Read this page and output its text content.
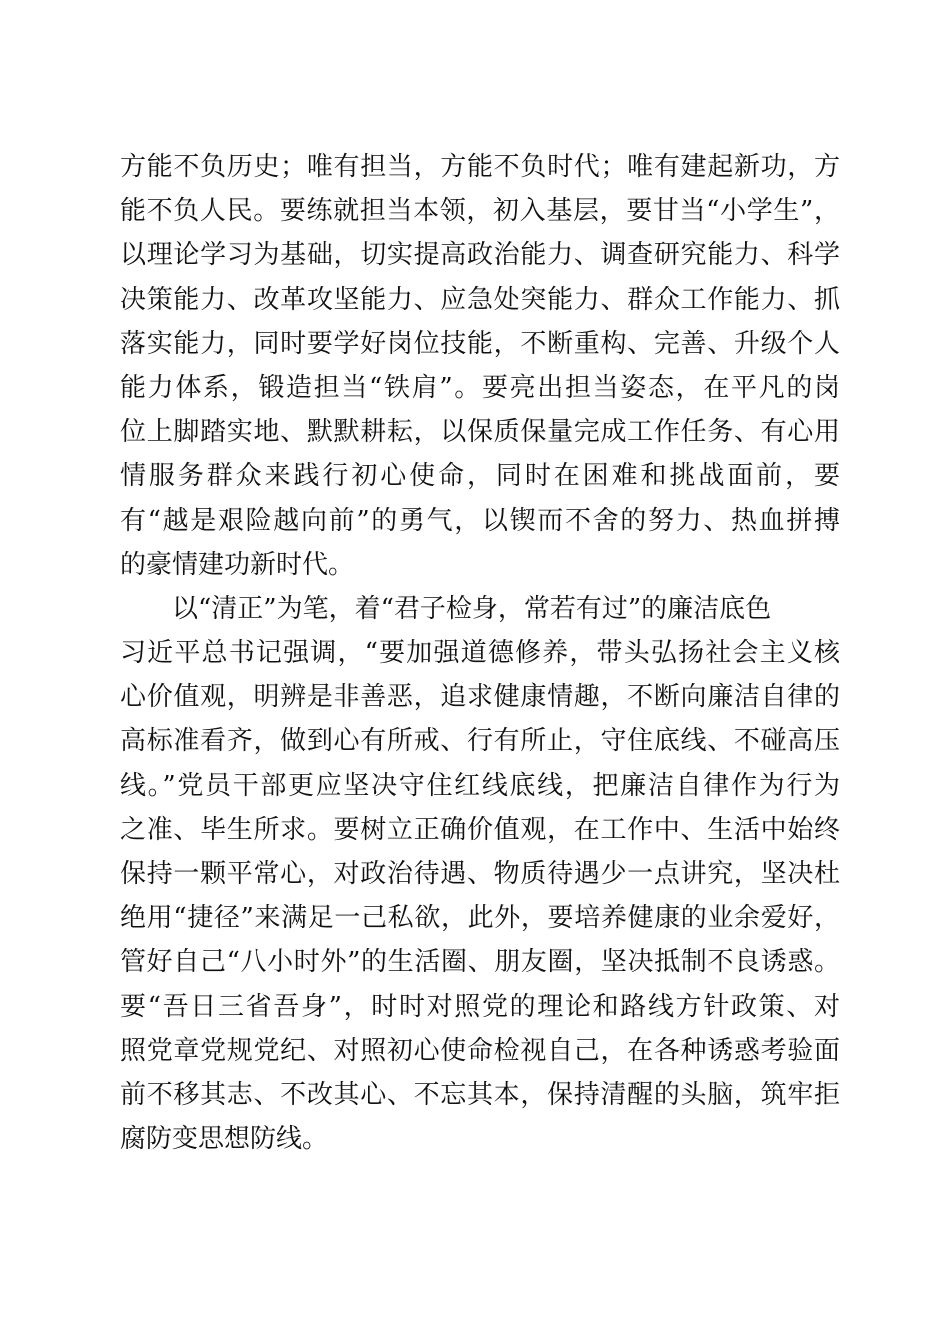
方能不负历史；唯有担当，方能不负时代；唯有建起新功，方
能不负人民。要练就担当本领，初入基层，要甘当“小学生”，
以理论学习为基础，切实提高政治能力、调查研究能力、科学
决策能力、改革攻坚能力、应急处突能力、群众工作能力、抓
落实能力，同时要学好岗位技能，不断重构、完善、升级个人
能力体系，锻造担当“铁肩”。要亮出担当姿态，在平凡的岗
位上脚踏实地、默默耕耘，以保质保量完成工作任务、有心用
情服务群众来践行初心使命，同时在困难和挑战面前，要
有“越是艰险越向前”的勇气，以锲而不舍的努力、热血拼搏
的豪情建功新时代。
以“清正”为笔，着“君子检身，常若有过”的廉洁底色
习近平总书记强调，“要加强道德修养，带头弘扬社会主义核
心价值观，明辨是非善恶，追求健康情趣，不断向廉洁自律的
高标准看齐，做到心有所戒、行有所止，守住底线、不碰高压
线。”党员干部更应坚决守住红线底线，把廉洁自律作为行为
之准、毕生所求。要树立正确价值观，在工作中、生活中始终
保持一颗平常心，对政治待遇、物质待遇少一点讲究，坚决杜
绝用“捷径”来满足一己私欲，此外，要培养健康的业余爱好，
管好自己“八小时外”的生活圈、朋友圈，坚决抵制不良诱惑。
要“吾日三省吾身”，时时对照党的理论和路线方针政策、对
照党章党规党纪、对照初心使命检视自己，在各种诱惑考验面
前不移其志、不改其心、不忘其本，保持清醒的头脑，筑牢拒
腐防变思想防线。
